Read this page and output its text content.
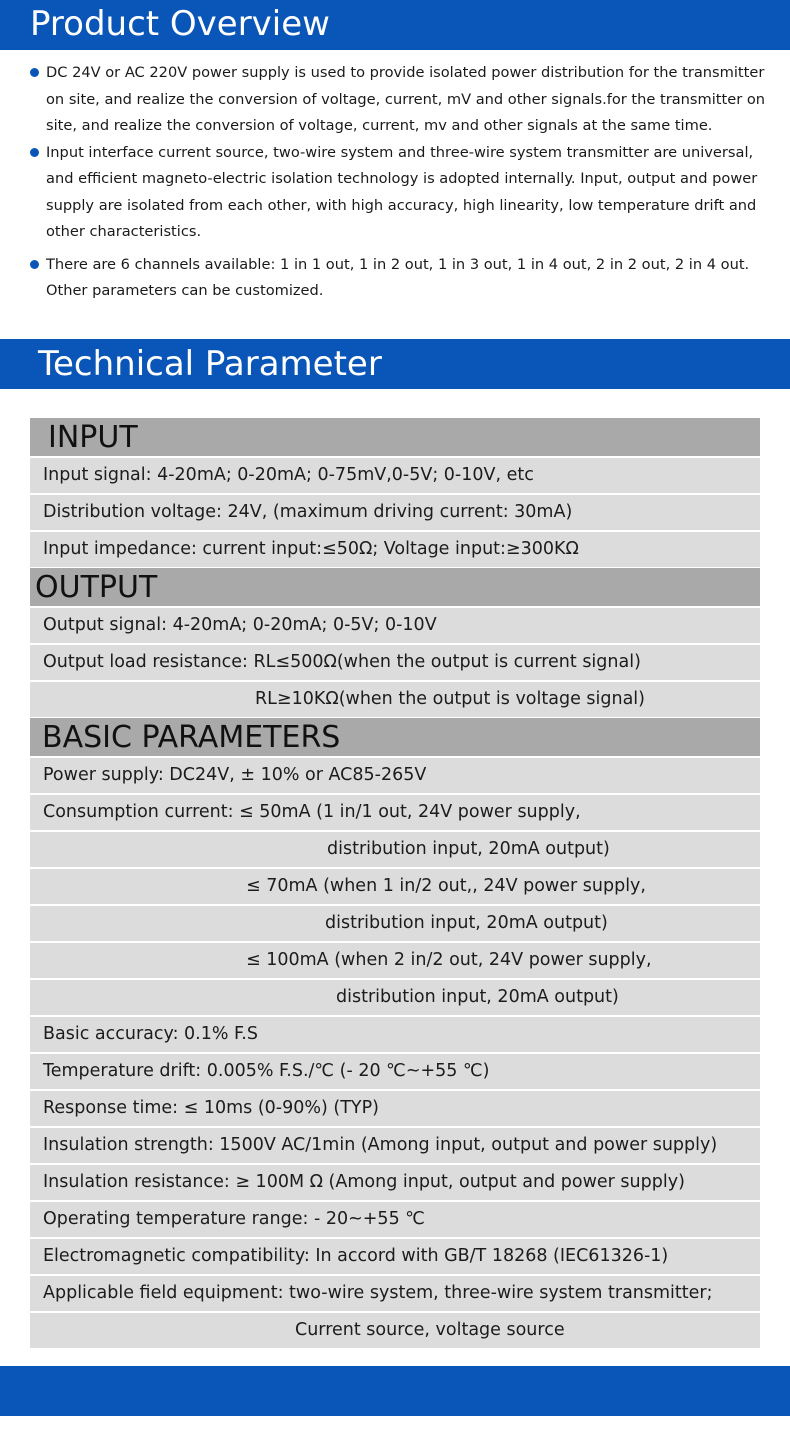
Product Overview
DC 24V or AC 220V power supply is used to provide isolated power distribution for the transmitter on site, and realize the conversion of voltage, current, mV and other signals.for the transmitter on site, and realize the conversion of voltage, current, mv and other signals at the same time.
Input interface current source, two-wire system and three-wire system transmitter are universal, and efficient magneto-electric isolation technology is adopted internally. Input, output and power supply are isolated from each other, with high accuracy, high linearity, low temperature drift and other characteristics.
There are 6 channels available: 1 in 1 out, 1 in 2 out, 1 in 3 out, 1 in 4 out, 2 in 2 out, 2 in 4 out. Other parameters can be customized.
Technical Parameter
INPUT
Input signal: 4-20mA; 0-20mA; 0-75mV,0-5V; 0-10V, etc
Distribution voltage: 24V, (maximum driving current: 30mA)
Input impedance: current input:≤50Ω; Voltage input:≥300KΩ
OUTPUT
Output signal: 4-20mA; 0-20mA; 0-5V; 0-10V
Output load resistance: RL≤500Ω(when the output is current signal)
RL≥10KΩ(when the output is voltage signal)
BASIC PARAMETERS
Power supply: DC24V, ± 10% or AC85-265V
Consumption current: ≤ 50mA (1 in/1 out, 24V power supply,
distribution input, 20mA output)
≤ 70mA (when 1 in/2 out,, 24V power supply,
distribution input, 20mA output)
≤ 100mA (when 2 in/2 out, 24V power supply,
distribution input, 20mA output)
Basic accuracy: 0.1% F.S
Temperature drift: 0.005% F.S./℃ (- 20 ℃~+55 ℃)
Response time: ≤ 10ms (0-90%) (TYP)
Insulation strength: 1500V AC/1min (Among input, output and power supply)
Insulation resistance: ≥ 100M Ω (Among input, output and power supply)
Operating temperature range: - 20~+55 ℃
Electromagnetic compatibility: In accord with GB/T 18268 (IEC61326-1)
Applicable field equipment: two-wire system, three-wire system transmitter;
Current source, voltage source
